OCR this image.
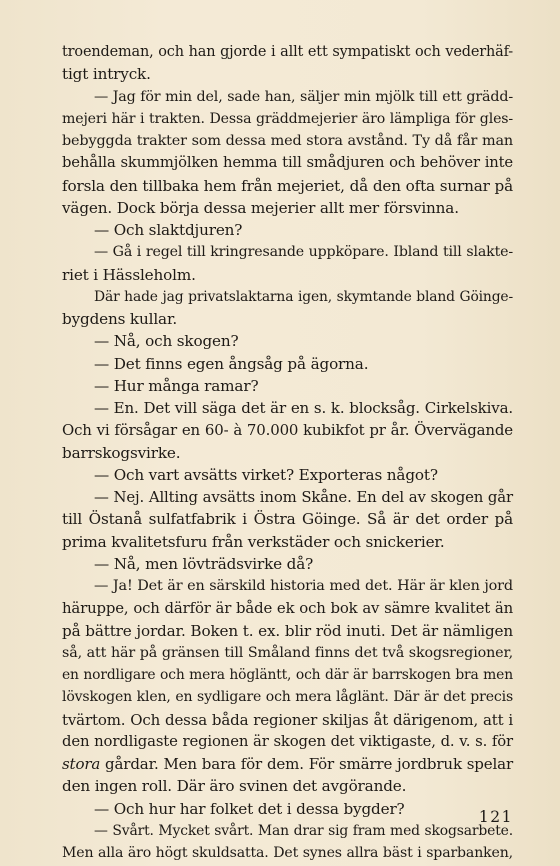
troendeman, och han gjorde i allt ett sympatiskt och vederhäf-
tigt intryck.
— Jag för min del, sade han, säljer min mjölk till ett grädd-
mejeri här i trakten. Dessa gräddmejerier äro lämpliga för gles-
bebyggda trakter som dessa med stora avstånd. Ty då får man
behålla skummjölken hemma till smådjuren och behöver inte
forsla den tillbaka hem från mejeriet, då den ofta surnar på
vägen. Dock börja dessa mejerier allt mer försvinna.
— Och slaktdjuren?
— Gå i regel till kringresande uppköpare. Ibland till slakte-
riet i Hässleholm.
Där hade jag privatslaktarna igen, skymtande bland Göinge-
bygdens kullar.
— Nå, och skogen?
— Det finns egen ångsåg på ägorna.
— Hur många ramar?
— En. Det vill säga det är en s. k. blocksåg. Cirkelskiva.
Och vi försågar en 60- à 70.000 kubikfot pr år. Övervägande
barrskogsvirke.
— Och vart avsätts virket? Exporteras något?
— Nej. Allting avsätts inom Skåne. En del av skogen går
till Östanå sulfatfabrik i Östra Göinge. Så är det order på
prima kvalitetsfuru från verkstäder och snickerier.
— Nå, men lövträdsvirke då?
— Ja! Det är en särskild historia med det. Här är klen jord
häruppe, och därför är både ek och bok av sämre kvalitet än
på bättre jordar. Boken t. ex. blir röd inuti. Det är nämligen
så, att här på gränsen till Småland finns det två skogsregioner,
en nordligare och mera högläntt, och där är barrskogen bra men
lövskogen klen, en sydligare och mera låglänt. Där är det precis
tvärtom. Och dessa båda regioner skiljas åt därigenom, att i
den nordligaste regionen är skogen det viktigaste, d. v. s. för
stora gårdar. Men bara för dem. För smärre jordbruk spelar
den ingen roll. Där äro svinen det avgörande.
— Och hur har folket det i dessa bygder?
— Svårt. Mycket svårt. Man drar sig fram med skogsarbete.
Men alla äro högt skuldsatta. Det synes allra bäst i sparbanken,
121
